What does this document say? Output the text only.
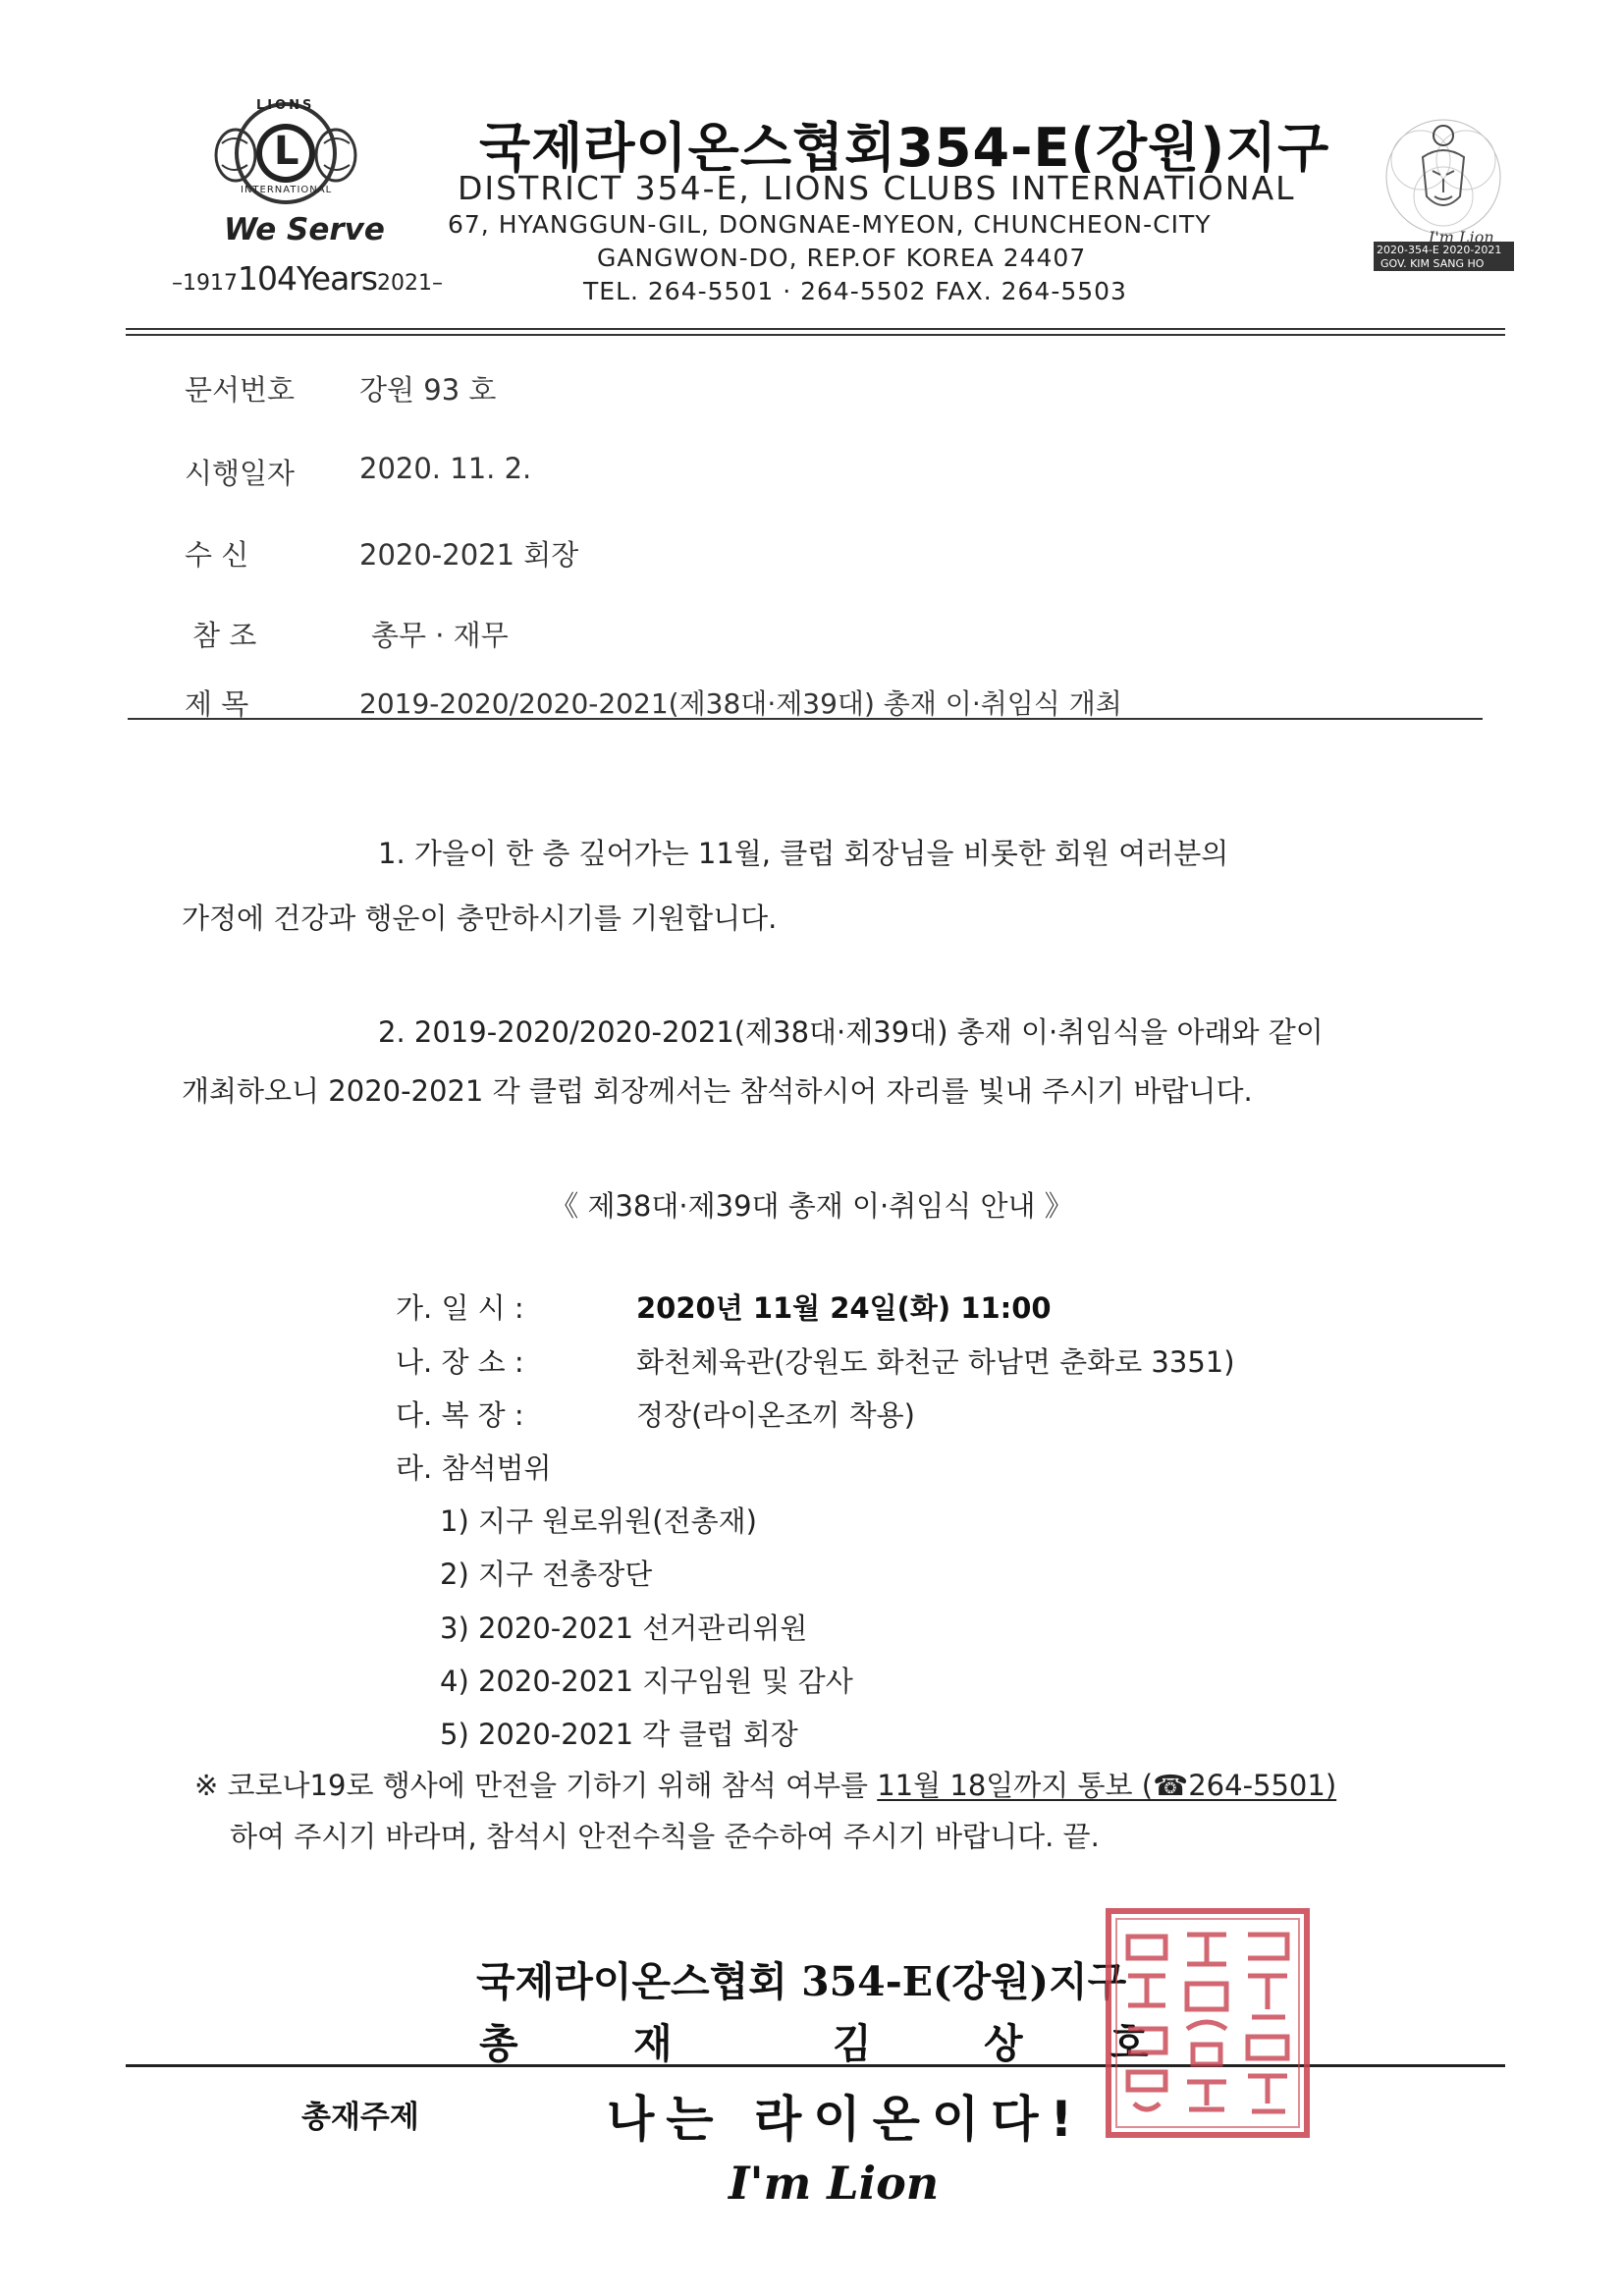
L
LIONS
INTERNATIONAL
We Serve
–1917104Years2021–
국제라이온스협회354-E(강원)지구
DISTRICT 354-E, LIONS CLUBS INTERNATIONAL
67, HYANGGUN-GIL, DONGNAE-MYEON, CHUNCHEON-CITY
GANGWON-DO, REP.OF KOREA 24407
TEL. 264-5501 · 264-5502 FAX. 264-5503
I'm Lion
2020-354-E 2020-2021
GOV. KIM SANG HO
문서번호 강원 93 호
시행일자 2020. 11. 2.
수 신	2020-2021 회장
참 조	총무 · 재무
제 목	2019-2020/2020-2021(제38대·제39대) 총재 이·취임식 개최
1. 가을이 한 층 깊어가는 11월, 클럽 회장님을 비롯한 회원 여러분의
가정에 건강과 행운이 충만하시기를 기원합니다.
2. 2019-2020/2020-2021(제38대·제39대) 총재 이·취임식을 아래와 같이
개최하오니 2020-2021 각 클럽 회장께서는 참석하시어 자리를 빛내 주시기 바랍니다.
《 제38대·제39대 총재 이·취임식 안내 》
가. 일 시 :	2020년 11월 24일(화) 11:00
나. 장 소 :	화천체육관(강원도 화천군 하남면 춘화로 3351)
다. 복 장 :	정장(라이온조끼 착용)
라. 참석범위
1) 지구 원로위원(전총재)
2) 지구 전총장단
3) 2020-2021 선거관리위원
4) 2020-2021 지구임원 및 감사
5) 2020-2021 각 클럽 회장
※ 코로나19로 행사에 만전을 기하기 위해 참석 여부를 11월 18일까지 통보 (☎264-5501)
하여 주시기 바라며, 참석시 안전수칙을 준수하여 주시기 바랍니다. 끝.
국제라이온스협회 354-E(강원)지구
총	재	김	상 호
총재주제	나는 라이온이다!
I'm Lion
